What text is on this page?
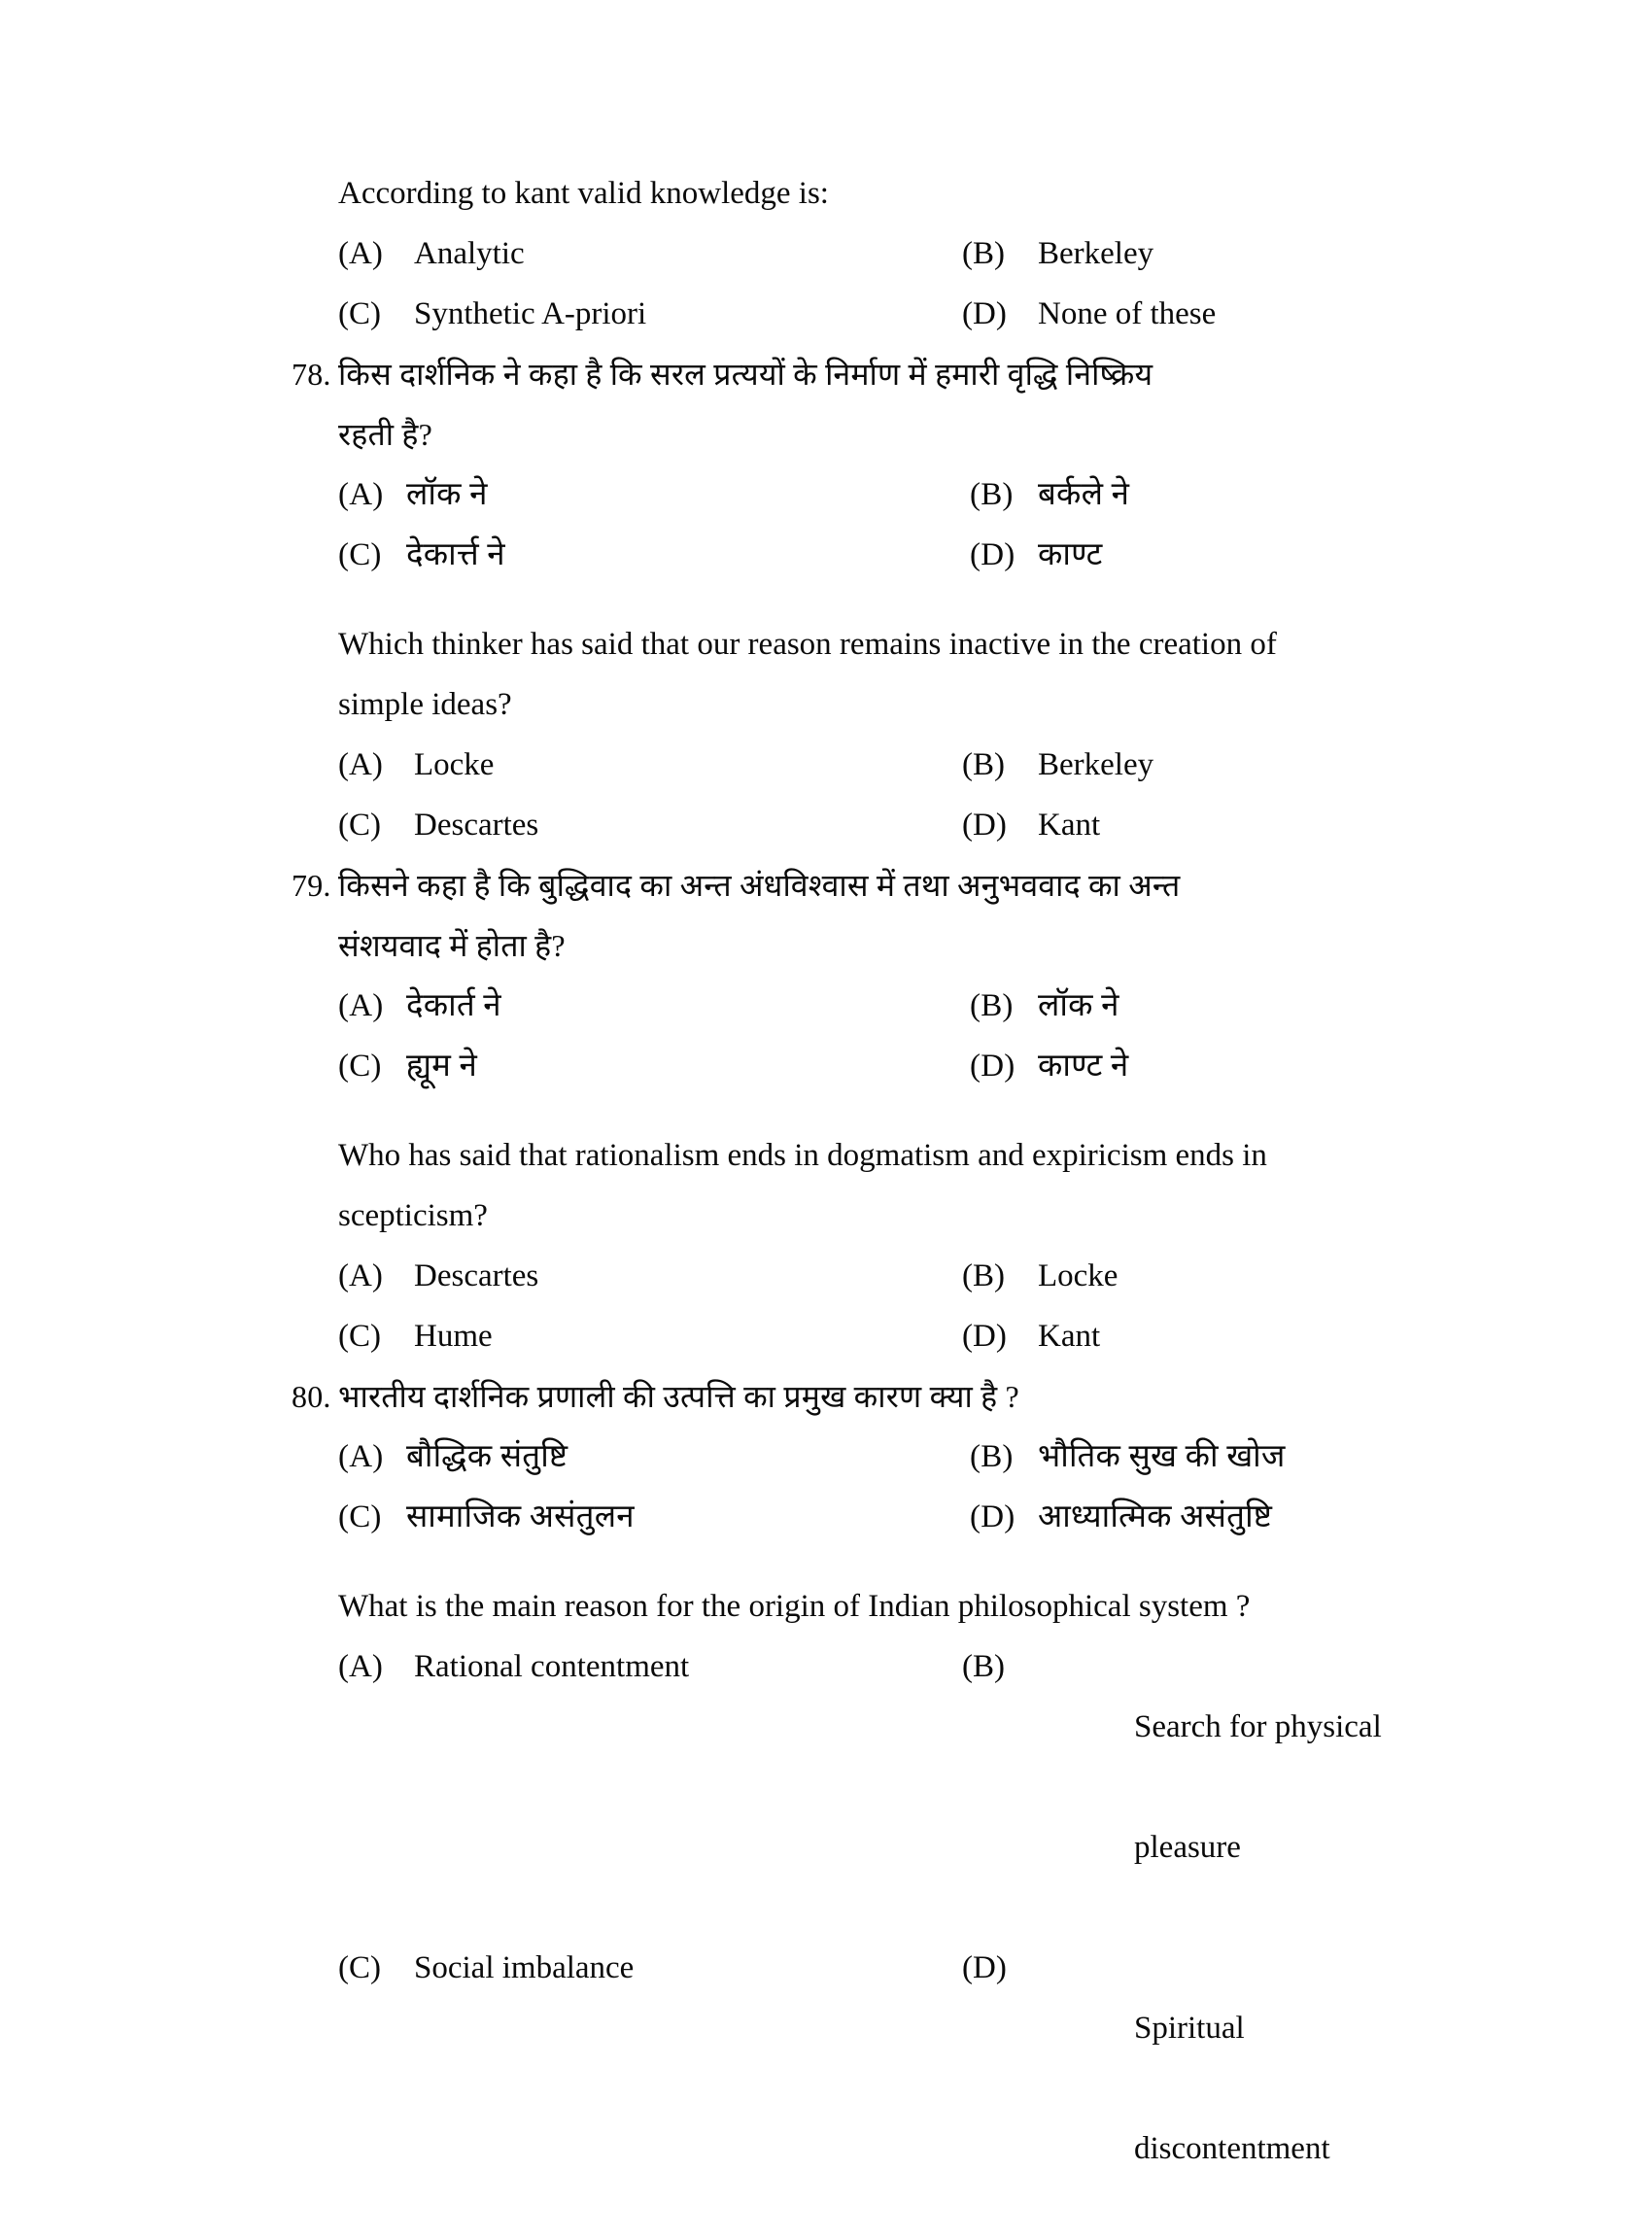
According to kant valid knowledge is:
(A) Analytic	(B)	Berkeley
(C)	Synthetic A-priori	(D) None of these
78. किस दार्शनिक ने कहा है कि सरल प्रत्ययों के निर्माण में हमारी वृद्धि निष्क्रिय
रहती है?
(A) लॉक ने	(B) बर्कले ने
(C) देकार्त्त ने	(D) काण्ट
Which thinker has said that our reason remains inactive in the creation of
simple ideas?
(A) Locke	(B)	Berkeley
(C)	Descartes	(D) Kant
79. किसने कहा है कि बुद्धिवाद का अन्त अंधविश्वास में तथा अनुभववाद का अन्त
संशयवाद में होता है?
(A) देकार्त ने	(B) लॉक ने
(C) ह्यूम ने	(D) काण्ट ने
Who has said that rationalism ends in dogmatism and expiricism ends in
scepticism?
(A) Descartes	(B)	Locke
(C)	Hume	(D) Kant
80. भारतीय दार्शनिक प्रणाली की उत्पत्ति का प्रमुख कारण क्या है ?
(A) बौद्धिक संतुष्टि	(B) भौतिक सुख की खोज
(C) सामाजिक असंतुलन	(D) आध्यात्मिक असंतुष्टि
What is the main reason for the origin of Indian philosophical system ?
(A) Rational contentment	(B)

Search for physical

pleasure

(C)	Social imbalance	(D)

Spiritual

discontentment
